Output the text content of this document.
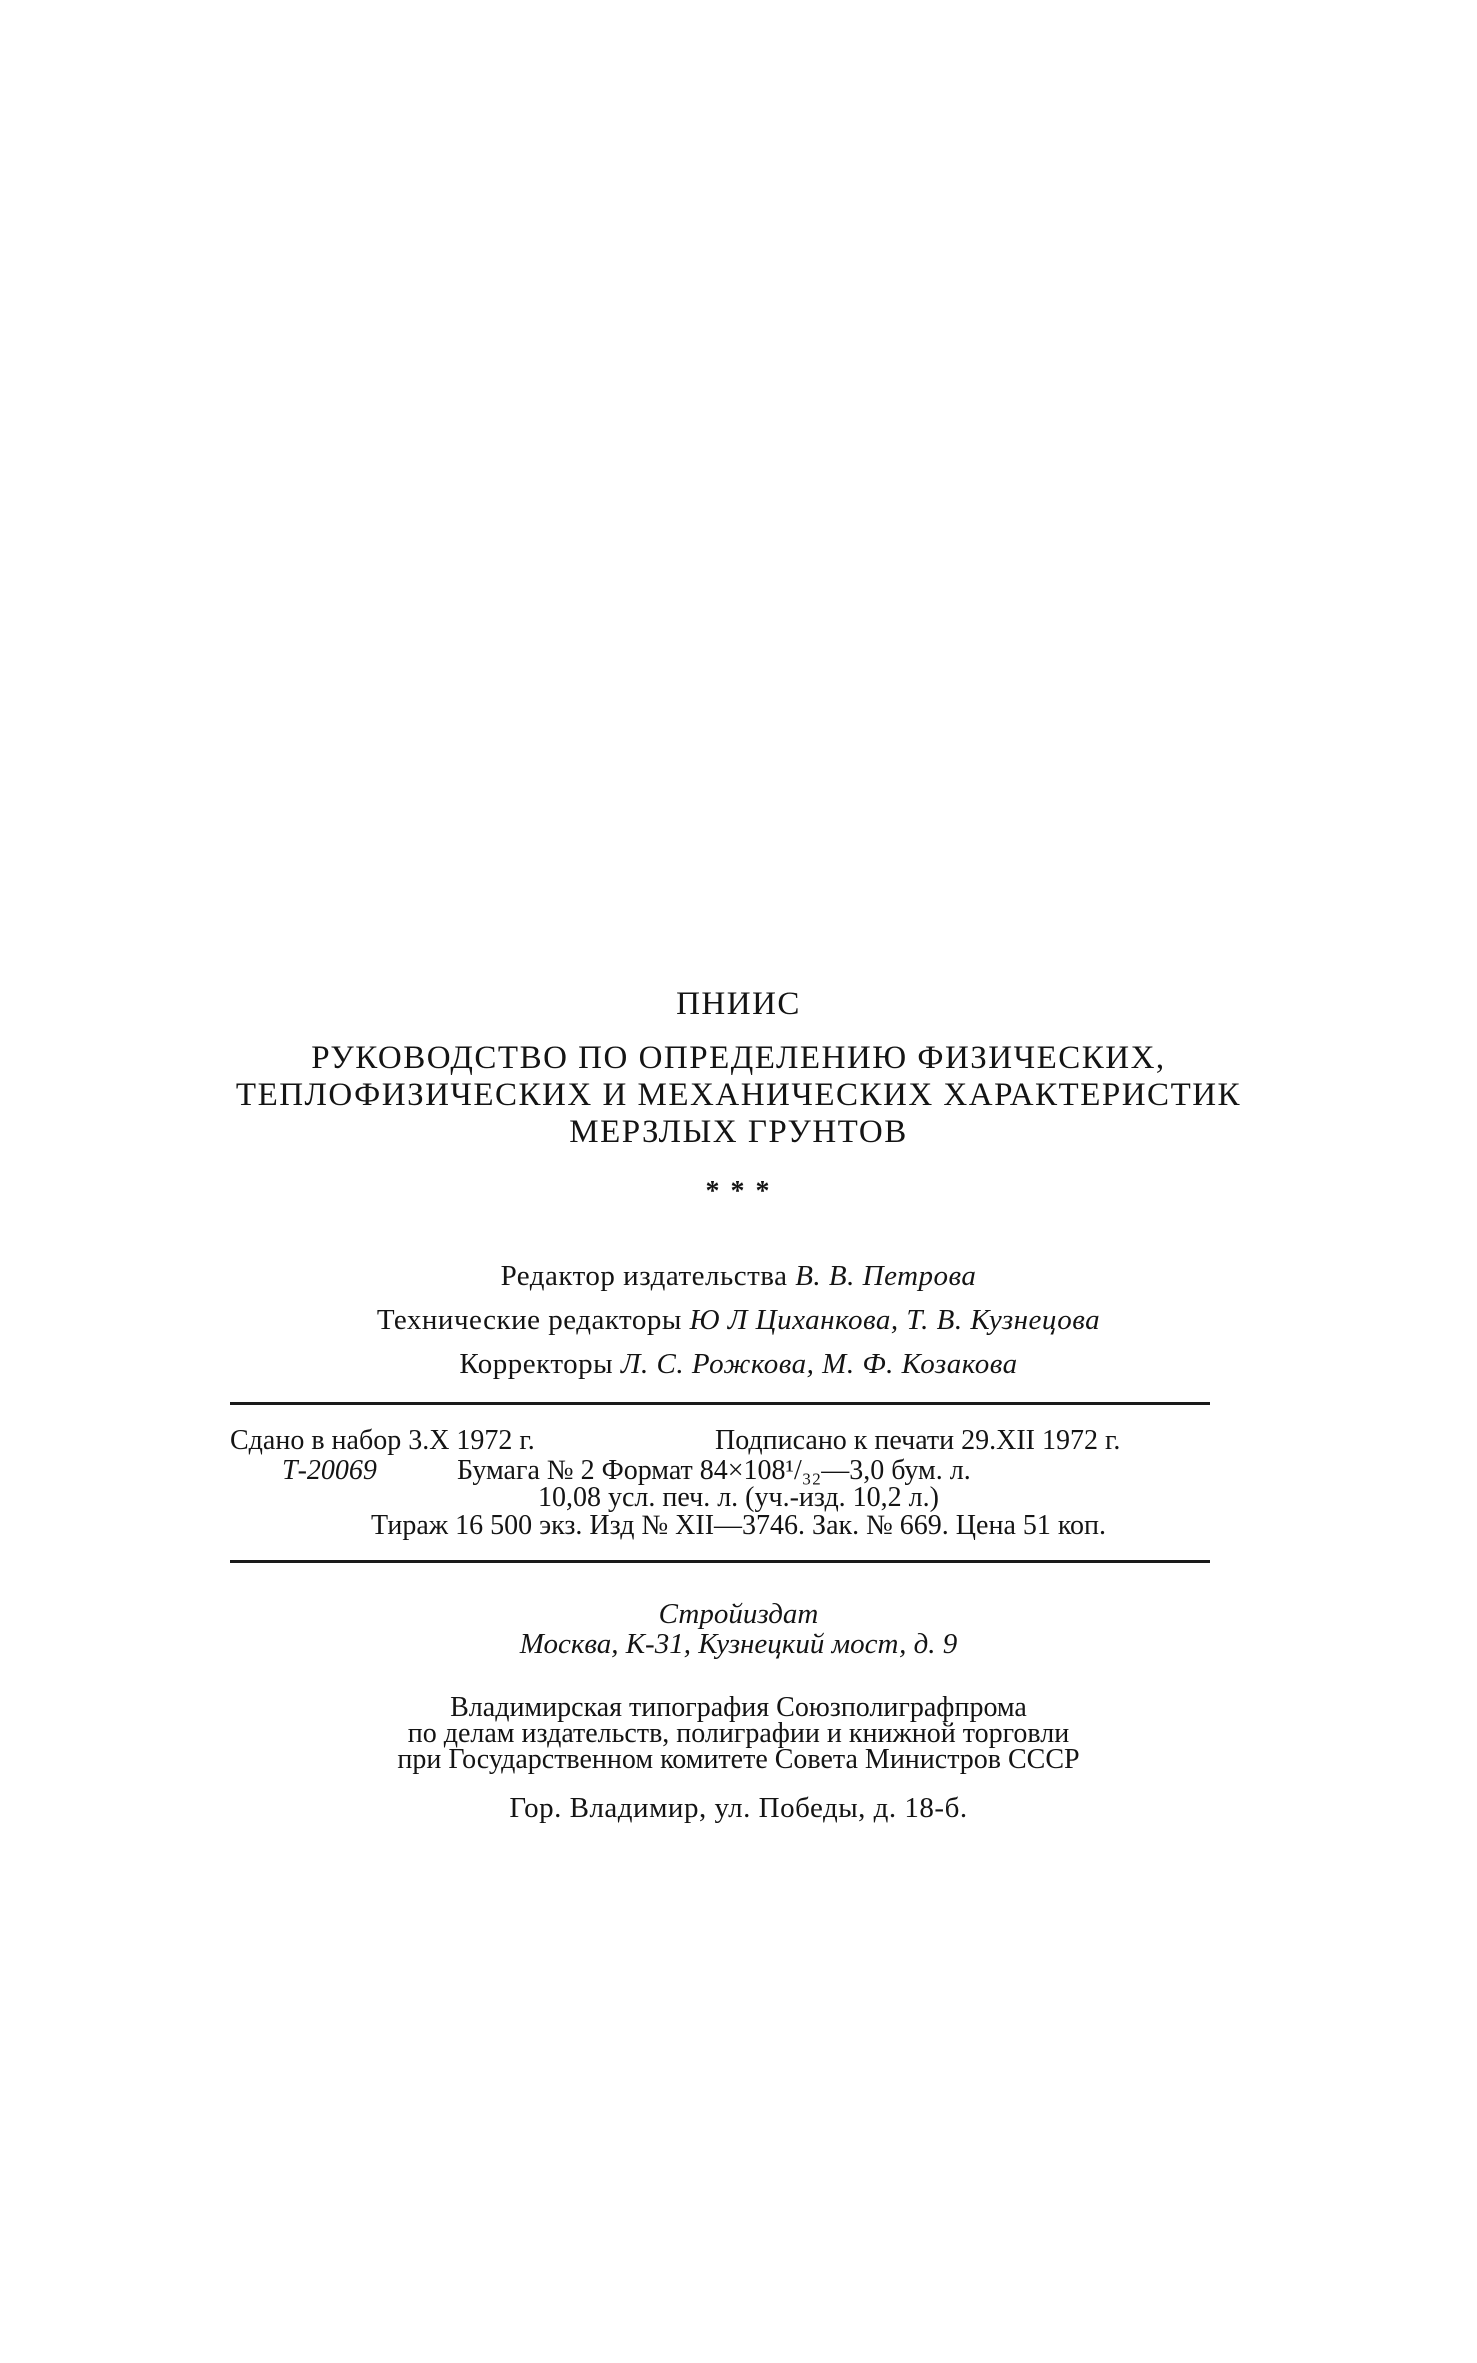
ПНИИС
РУКОВОДСТВО ПО ОПРЕДЕЛЕНИЮ ФИЗИЧЕСКИХ,
ТЕПЛОФИЗИЧЕСКИХ И МЕХАНИЧЕСКИХ ХАРАКТЕРИСТИК
МЕРЗЛЫХ ГРУНТОВ
* * *
Редактор издательства В. В. Петрова
Технические редакторы Ю Л Циханкова, Т. В. Кузнецова
Корректоры Л. С. Рожкова, М. Ф. Козакова
Сдано в набор 3.X 1972 г.	Подписано к печати 29.XII 1972 г.
Т-20069	Бумага № 2 Формат 84×108¹/₃₂—3,0 бум. л.
10,08 усл. печ. л. (уч.-изд. 10,2 л.)
Тираж 16 500 экз. Изд № XII—3746. Зак. № 669. Цена 51 коп.
Стройиздат
Москва, К-31, Кузнецкий мост, д. 9
Владимирская типография Союзполиграфпрома
по делам издательств, полиграфии и книжной торговли
при Государственном комитете Совета Министров СССР
Гор. Владимир, ул. Победы, д. 18-б.
